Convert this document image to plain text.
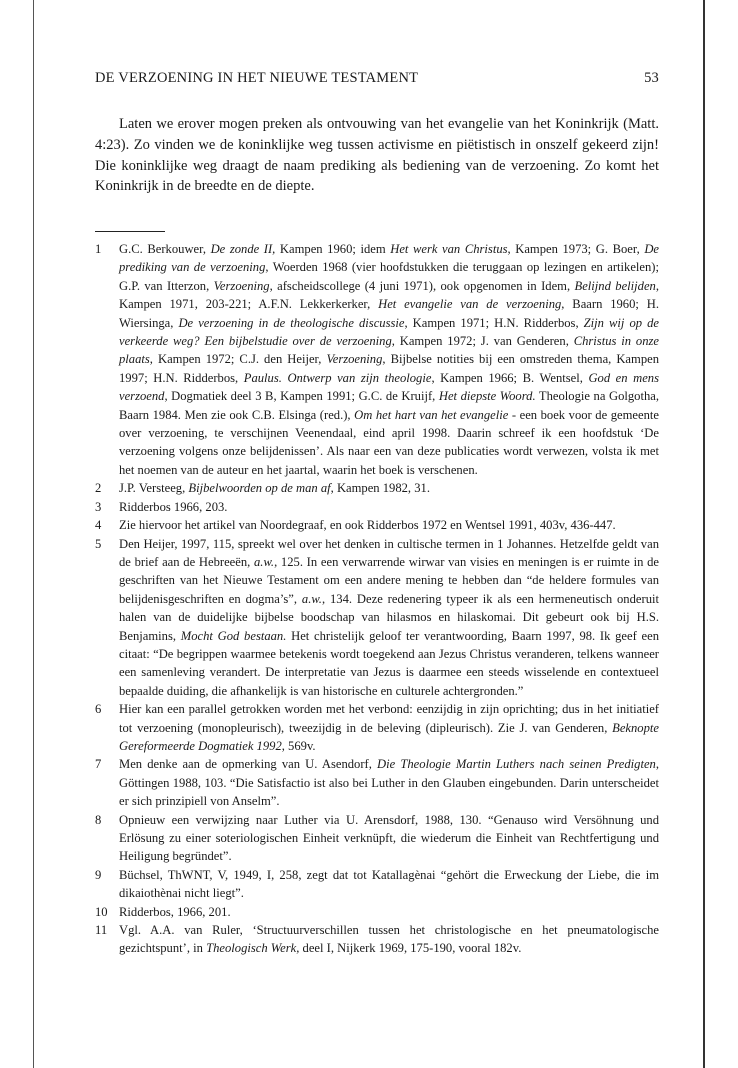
DE VERZOENING IN HET NIEUWE TESTAMENT	53

Laten we erover mogen preken als ontvouwing van het evangelie van het Koninkrijk (Matt. 4:23). Zo vinden we de koninklijke weg tussen activisme en piëtistisch in onszelf gekeerd zijn! Die koninklijke weg draagt de naam prediking als bediening van de verzoening. Zo komt het Koninkrijk in de breedte en de diepte.

1	G.C. Berkouwer, De zonde II, Kampen 1960; idem Het werk van Christus, Kampen 1973; G. Boer, De prediking van de verzoening, Woerden 1968 (vier hoofdstukken die teruggaan op lezingen en artikelen); G.P. van Itterzon, Verzoening, afscheidscollege (4 juni 1971), ook opgenomen in Idem, Belijnd belijden, Kampen 1971, 203-221; A.F.N. Lekkerkerker, Het evangelie van de verzoening, Baarn 1960; H. Wiersinga, De verzoening in de theologische discussie, Kampen 1971; H.N. Ridderbos, Zijn wij op de verkeerde weg? Een bijbelstudie over de verzoening, Kampen 1972; J. van Genderen, Christus in onze plaats, Kampen 1972; C.J. den Heijer, Verzoening, Bijbelse notities bij een omstreden thema, Kampen 1997; H.N. Ridderbos, Paulus. Ontwerp van zijn theologie, Kampen 1966; B. Wentsel, God en mens verzoend, Dogmatiek deel 3 B, Kampen 1991; G.C. de Kruijf, Het diepste Woord. Theologie na Golgotha, Baarn 1984. Men zie ook C.B. Elsinga (red.), Om het hart van het evangelie - een boek voor de gemeente over verzoening, te verschijnen Veenendaal, eind april 1998. Daarin schreef ik een hoofdstuk ‘De verzoening volgens onze belijdenissen’. Als naar een van deze publicaties wordt verwezen, volsta ik met het noemen van de auteur en het jaartal, waarin het boek is verschenen.
2	J.P. Versteeg, Bijbelwoorden op de man af, Kampen 1982, 31.
3	Ridderbos 1966, 203.
4	Zie hiervoor het artikel van Noordegraaf, en ook Ridderbos 1972 en Wentsel 1991, 403v, 436-447.
5	Den Heijer, 1997, 115, spreekt wel over het denken in cultische termen in 1 Johannes. Hetzelfde geldt van de brief aan de Hebreeën, a.w., 125. In een verwarrende wirwar van visies en meningen is er ruimte in de geschriften van het Nieuwe Testament om een andere mening te hebben dan “de heldere formules van belijdenisgeschriften en dogma’s”, a.w., 134. Deze redenering typeer ik als een hermeneutisch onderuit halen van de duidelijke bijbelse boodschap van hilasmos en hilaskomai. Dit gebeurt ook bij H.S. Benjamins, Mocht God bestaan. Het christelijk geloof ter verantwoording, Baarn 1997, 98. Ik geef een citaat: “De begrippen waarmee betekenis wordt toegekend aan Jezus Christus veranderen, telkens wanneer een samenleving verandert. De interpretatie van Jezus is daarmee een steeds wisselende en contextueel bepaalde duiding, die afhankelijk is van historische en culturele achtergronden.”
6	Hier kan een parallel getrokken worden met het verbond: eenzijdig in zijn oprichting; dus in het initiatief tot verzoening (monopleurisch), tweezijdig in de beleving (dipleurisch). Zie J. van Genderen, Beknopte Gereformeerde Dogmatiek 1992, 569v.
7	Men denke aan de opmerking van U. Asendorf, Die Theologie Martin Luthers nach seinen Predigten, Göttingen 1988, 103. “Die Satisfactio ist also bei Luther in den Glauben eingebunden. Darin unterscheidet er sich prinzipiell von Anselm”.
8	Opnieuw een verwijzing naar Luther via U. Arensdorf, 1988, 130. “Genauso wird Versöhnung und Erlösung zu einer soteriologischen Einheit verknüpft, die wiederum die Einheit van Rechtfertigung und Heiligung begründet”.
9	Büchsel, ThWNT, V, 1949, I, 258, zegt dat tot Katallagènai “gehört die Erweckung der Liebe, die im dikaiothènai nicht liegt”.
10 Ridderbos, 1966, 201.
11 Vgl. A.A. van Ruler, ‘Structuurverschillen tussen het christologische en het pneumatologische gezichtspunt’, in Theologisch Werk, deel I, Nijkerk 1969, 175-190, vooral 182v.
